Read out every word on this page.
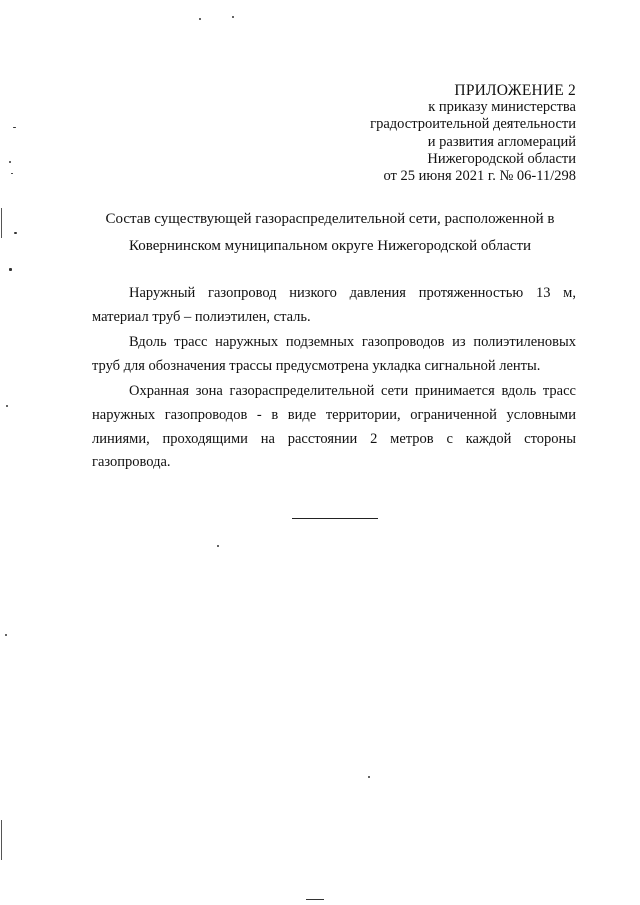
ПРИЛОЖЕНИЕ 2
к приказу министерства
градостроительной деятельности
и развития агломераций
Нижегородской области
от 25 июня 2021 г. № 06-11/298
Состав существующей газораспределительной сети, расположенной в
Ковернинском муниципальном округе Нижегородской области

Наружный газопровод низкого давления протяженностью 13 м, материал труб – полиэтилен, сталь.

Вдоль трасс наружных подземных газопроводов из полиэтиленовых труб для обозначения трассы предусмотрена укладка сигнальной ленты.

Охранная зона газораспределительной сети принимается вдоль трасс наружных газопроводов - в виде территории, ограниченной условными линиями, проходящими на расстоянии 2 метров с каждой стороны газопровода.
